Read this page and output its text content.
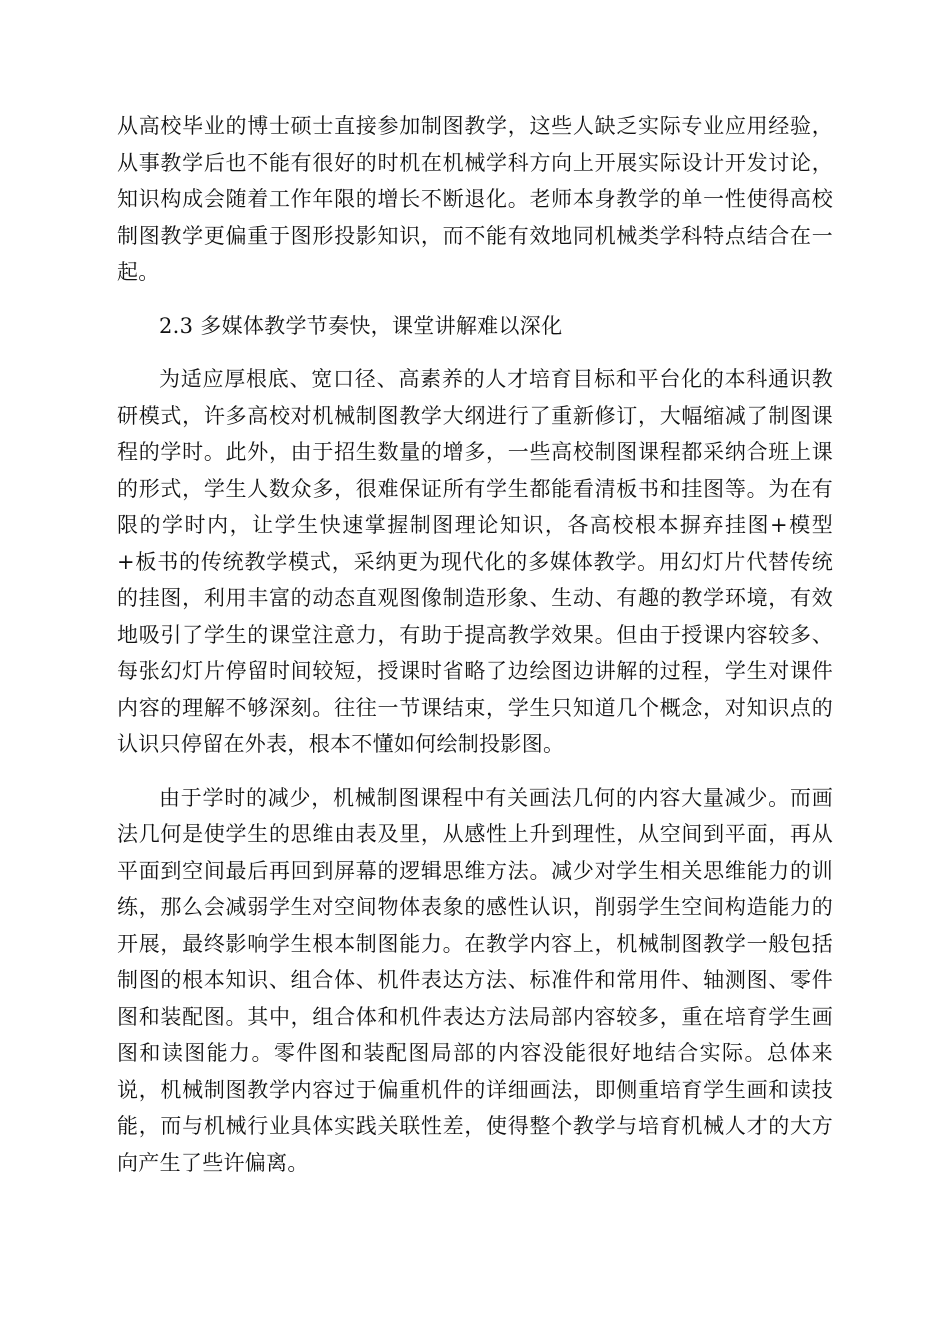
从高校毕业的博士硕士直接参加制图教学，这些人缺乏实际专业应用经验，从事教学后也不能有很好的时机在机械学科方向上开展实际设计开发讨论，知识构成会随着工作年限的增长不断退化。老师本身教学的单一性使得高校制图教学更偏重于图形投影知识，而不能有效地同机械类学科特点结合在一起。

2.3 多媒体教学节奏快，课堂讲解难以深化

为适应厚根底、宽口径、高素养的人才培育目标和平台化的本科通识教研模式，许多高校对机械制图教学大纲进行了重新修订，大幅缩减了制图课程的学时。此外，由于招生数量的增多，一些高校制图课程都采纳合班上课的形式，学生人数众多，很难保证所有学生都能看清板书和挂图等。为在有限的学时内，让学生快速掌握制图理论知识，各高校根本摒弃挂图+模型+板书的传统教学模式，采纳更为现代化的多媒体教学。用幻灯片代替传统的挂图，利用丰富的动态直观图像制造形象、生动、有趣的教学环境，有效地吸引了学生的课堂注意力，有助于提高教学效果。但由于授课内容较多、每张幻灯片停留时间较短，授课时省略了边绘图边讲解的过程，学生对课件内容的理解不够深刻。往往一节课结束，学生只知道几个概念，对知识点的认识只停留在外表，根本不懂如何绘制投影图。

由于学时的减少，机械制图课程中有关画法几何的内容大量减少。而画法几何是使学生的思维由表及里，从感性上升到理性，从空间到平面，再从平面到空间最后再回到屏幕的逻辑思维方法。减少对学生相关思维能力的训练，那么会减弱学生对空间物体表象的感性认识，削弱学生空间构造能力的开展，最终影响学生根本制图能力。在教学内容上，机械制图教学一般包括制图的根本知识、组合体、机件表达方法、标准件和常用件、轴测图、零件图和装配图。其中，组合体和机件表达方法局部内容较多，重在培育学生画图和读图能力。零件图和装配图局部的内容没能很好地结合实际。总体来说，机械制图教学内容过于偏重机件的详细画法，即侧重培育学生画和读技能，而与机械行业具体实践关联性差，使得整个教学与培育机械人才的大方向产生了些许偏离。
